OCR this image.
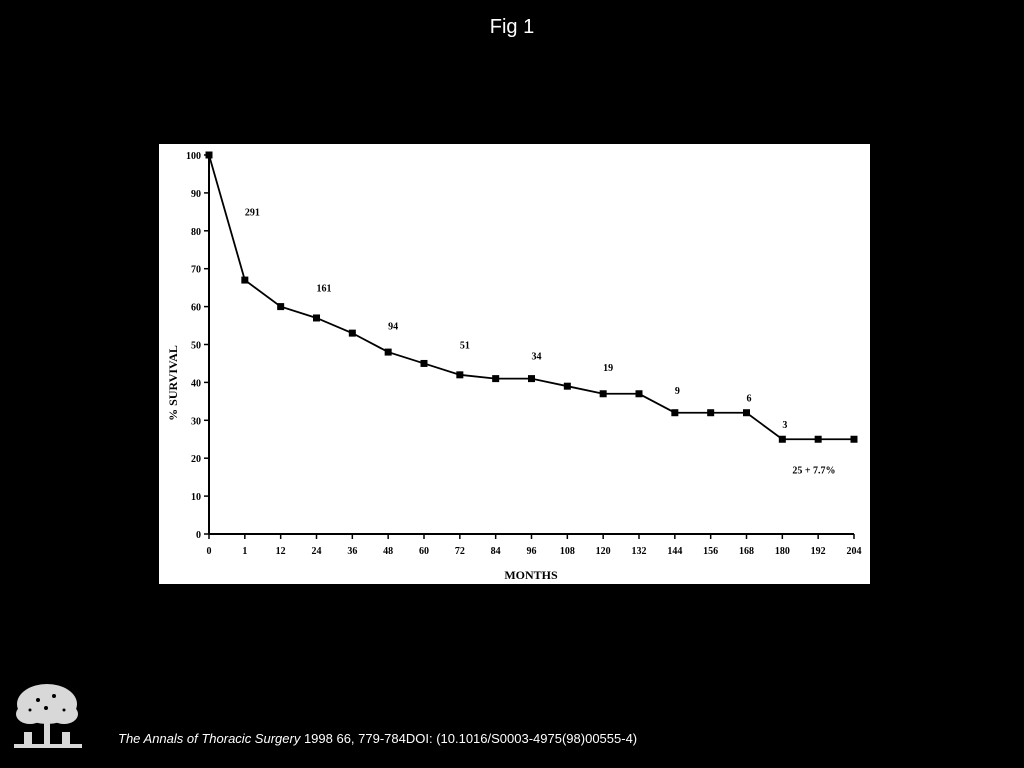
Fig 1
0
10
20
30
40
50
60
70
80
90
100
0	1	12	24	36	48	60	72	84	96 108 120 132 144 156 168 180 192 204
291
161
94
51
34
19
9
6
3
25 + 7.7%
% SURVIVAL
MONTHS
The Annals of Thoracic Surgery 1998 66, 779-784DOI: (10.1016/S0003-4975(98)00555-4)
